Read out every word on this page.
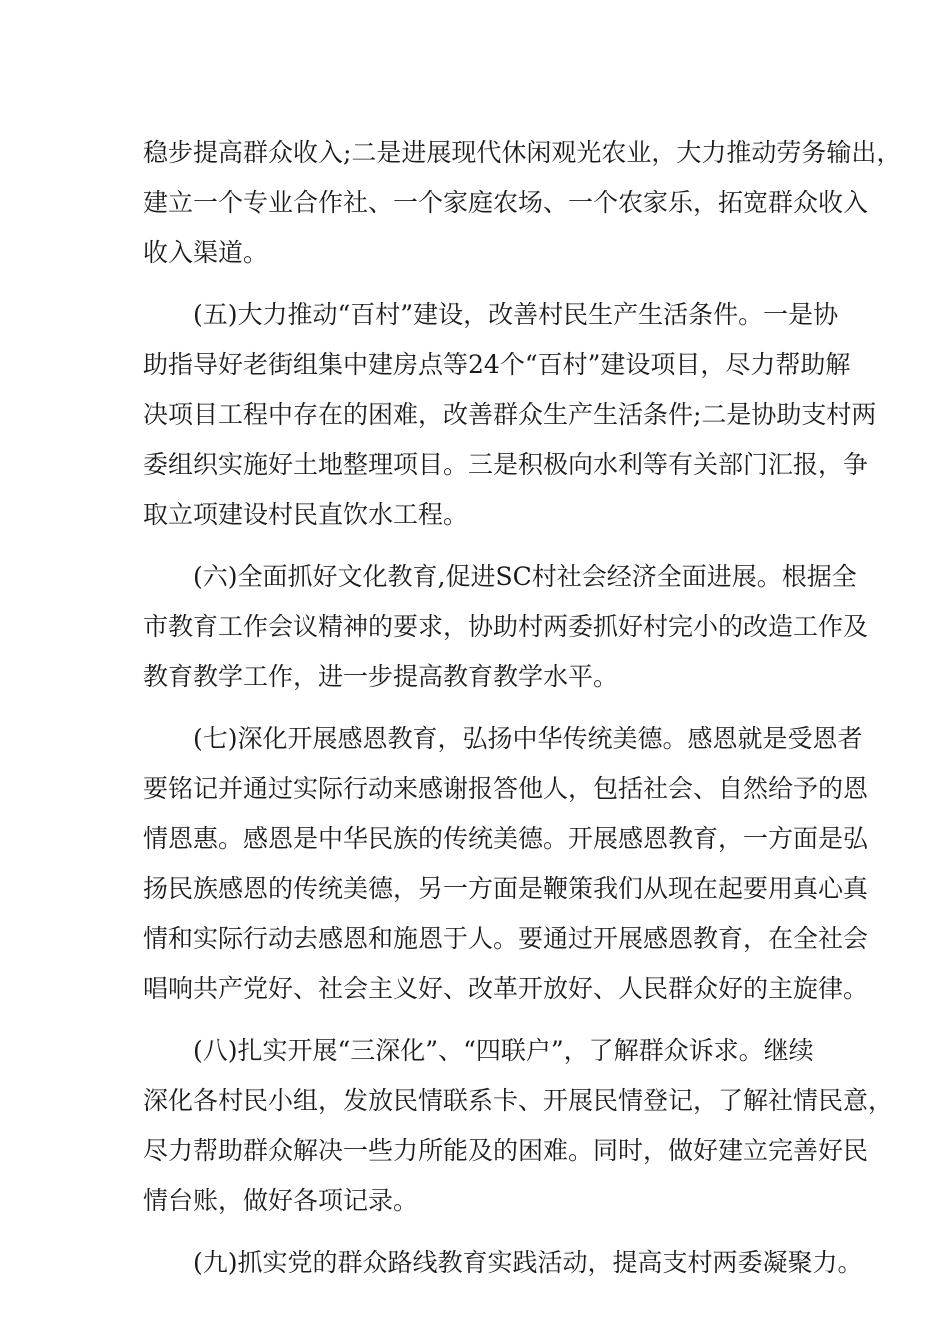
稳步提高群众收入;二是进展现代休闲观光农业，大力推动劳务输出，
建立一个专业合作社、一个家庭农场、一个农家乐，拓宽群众收入
收入渠道。
(五)大力推动“百村”建设，改善村民生产生活条件。一是协
助指导好老街组集中建房点等24个“百村”建设项目，尽力帮助解
决项目工程中存在的困难，改善群众生产生活条件;二是协助支村两
委组织实施好土地整理项目。三是积极向水利等有关部门汇报，争
取立项建设村民直饮水工程。
(六)全面抓好文化教育,促进SC村社会经济全面进展。根据全
市教育工作会议精神的要求，协助村两委抓好村完小的改造工作及
教育教学工作，进一步提高教育教学水平。
(七)深化开展感恩教育，弘扬中华传统美德。感恩就是受恩者
要铭记并通过实际行动来感谢报答他人，包括社会、自然给予的恩
情恩惠。感恩是中华民族的传统美德。开展感恩教育，一方面是弘
扬民族感恩的传统美德，另一方面是鞭策我们从现在起要用真心真
情和实际行动去感恩和施恩于人。要通过开展感恩教育，在全社会
唱响共产党好、社会主义好、改革开放好、人民群众好的主旋律。
(八)扎实开展“三深化”、“四联户”，了解群众诉求。继续
深化各村民小组，发放民情联系卡、开展民情登记，了解社情民意，
尽力帮助群众解决一些力所能及的困难。同时，做好建立完善好民
情台账，做好各项记录。
(九)抓实党的群众路线教育实践活动，提高支村两委凝聚力。
